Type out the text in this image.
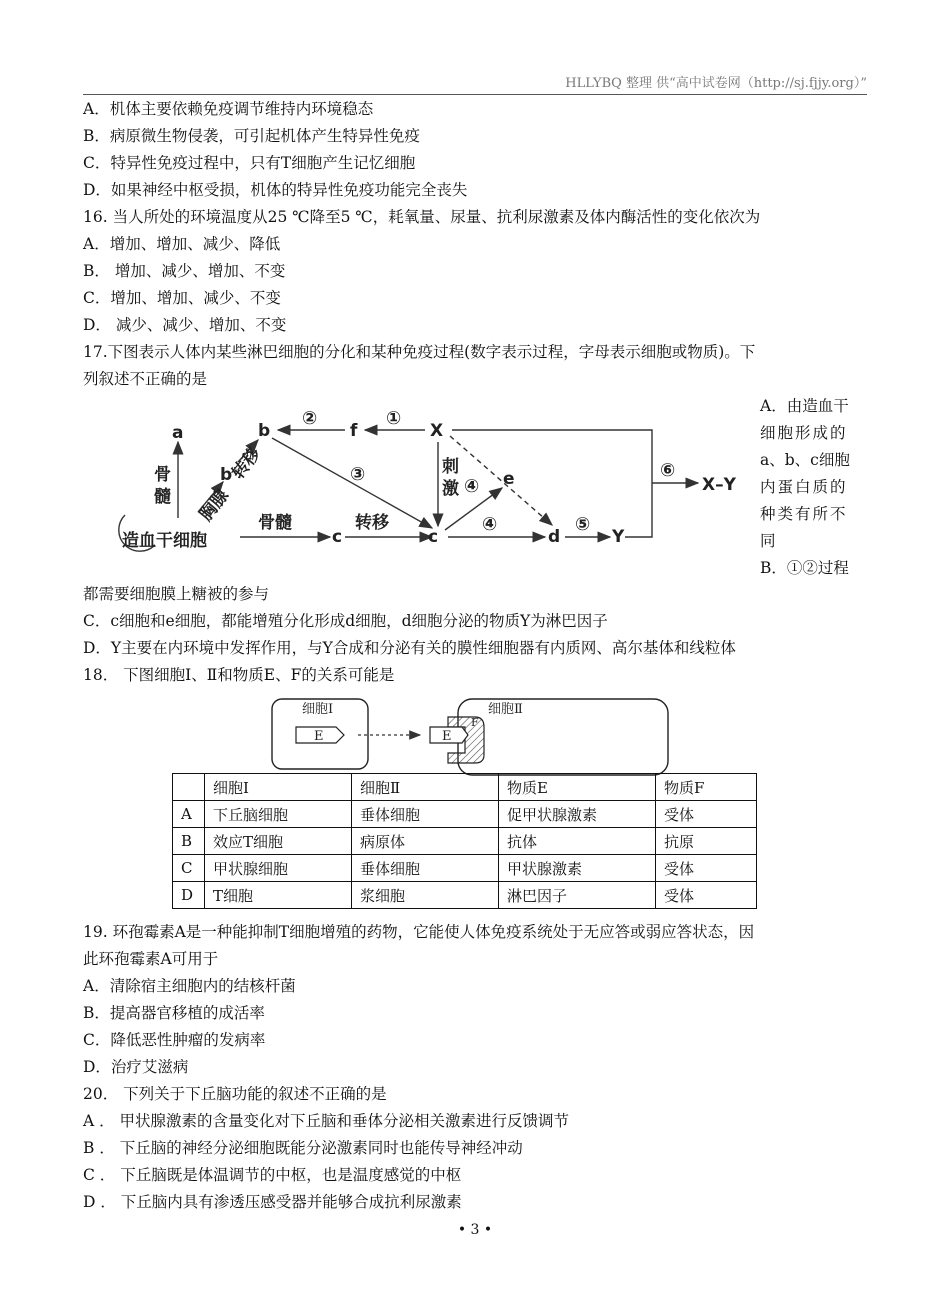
HLLYBQ 整理 供“高中试卷网（http://sj.fjjy.org）”
A．机体主要依赖免疫调节维持内环境稳态
B．病原微生物侵袭，可引起机体产生特异性免疫
C．特异性免疫过程中，只有T细胞产生记忆细胞
D．如果神经中枢受损，机体的特异性免疫功能完全丧失
16. 当人所处的环境温度从25 ℃降至5 ℃，耗氧量、尿量、抗利尿激素及体内酶活性的变化依次为
A．增加、增加、减少、降低
B． 增加、减少、增加、不变
C．增加、增加、减少、不变
D． 减少、减少、增加、不变
17.下图表示人体内某些淋巴细胞的分化和某种免疫过程(数字表示过程，字母表示细胞或物质)。下
列叙述不正确的是
A．由造血干
细胞形成的
a、b、c细胞
内蛋白质的
种类有所不
同
B．①②过程
a	b
b
c	c	d
e
f	X
Y
X–Y
①
②
③
④
④	⑤
⑥
造血干细胞
骨
髓
骨髓	转移
刺
激
胸腺
转移
都需要细胞膜上糖被的参与
C．c细胞和e细胞，都能增殖分化形成d细胞，d细胞分泌的物质Y为淋巴因子
D．Y主要在内环境中发挥作用，与Y合成和分泌有关的膜性细胞器有内质网、高尔基体和线粒体
18． 下图细胞Ⅰ、Ⅱ和物质E、F的关系可能是
细胞Ⅰ	细胞Ⅱ
E	E
F
	细胞Ⅰ	细胞Ⅱ	物质E	物质F
A	下丘脑细胞	垂体细胞	促甲状腺激素	受体
B	效应T细胞	病原体	抗体	抗原
C	甲状腺细胞	垂体细胞	甲状腺激素	受体
D	T细胞	浆细胞	淋巴因子	受体
19. 环孢霉素A是一种能抑制T细胞增殖的药物，它能使人体免疫系统处于无应答或弱应答状态，因
此环孢霉素A可用于
A．清除宿主细胞内的结核杆菌
B．提高器官移植的成活率
C．降低恶性肿瘤的发病率
D．治疗艾滋病
20． 下列关于下丘脑功能的叙述不正确的是
A ． 甲状腺激素的含量变化对下丘脑和垂体分泌相关激素进行反馈调节
B ． 下丘脑的神经分泌细胞既能分泌激素同时也能传导神经冲动
C ． 下丘脑既是体温调节的中枢，也是温度感觉的中枢
D ． 下丘脑内具有渗透压感受器并能够合成抗利尿激素
• 3 •
